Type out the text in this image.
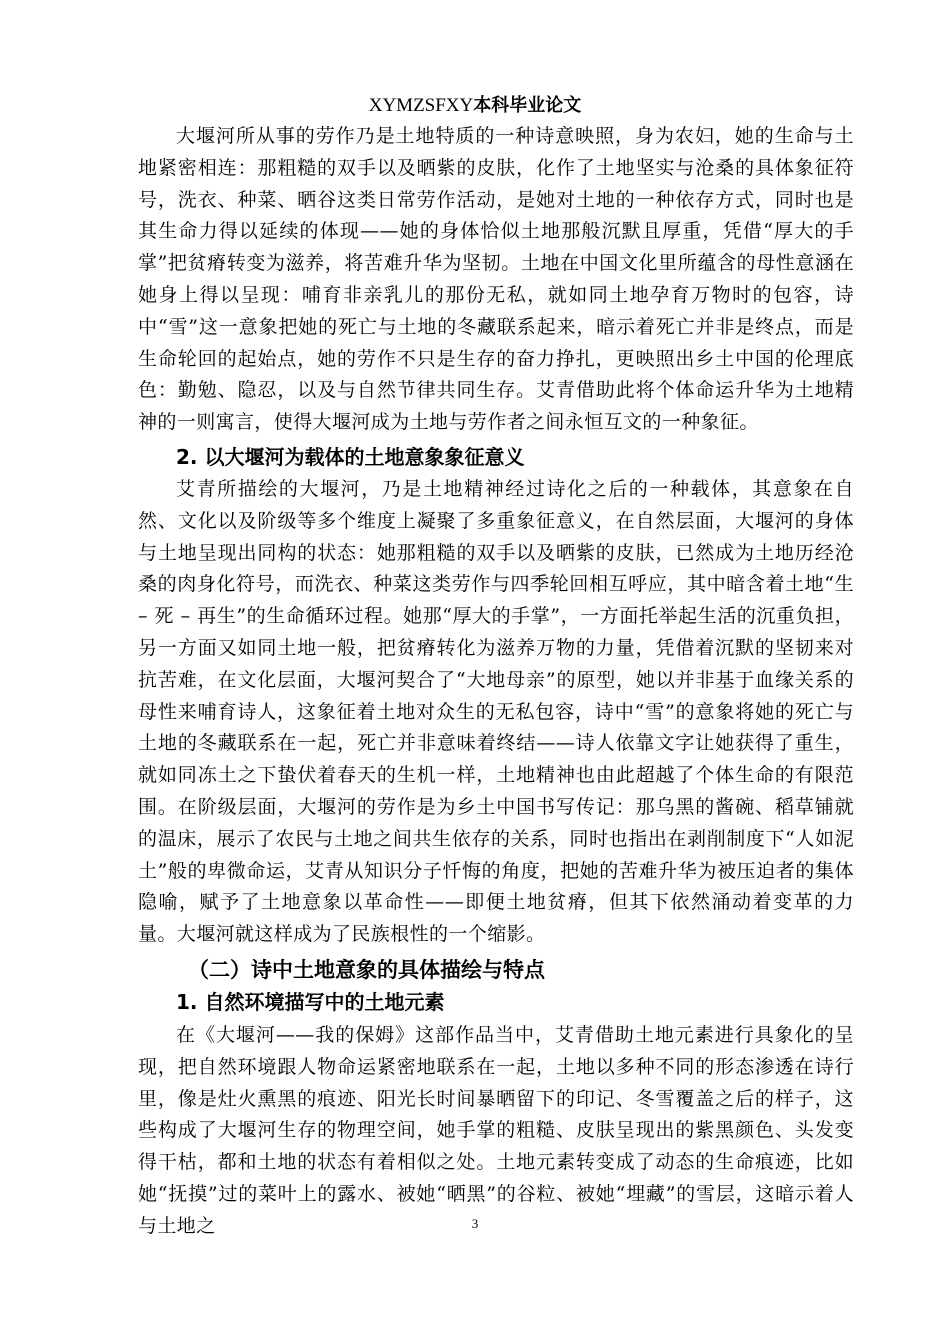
XYMZSFXY本科毕业论文

大堰河所从事的劳作乃是土地特质的一种诗意映照，身为农妇，她的生命与土地紧密相连：那粗糙的双手以及晒紫的皮肤，化作了土地坚实与沧桑的具体象征符号，洗衣、种菜、晒谷这类日常劳作活动，是她对土地的一种依存方式，同时也是其生命力得以延续的体现——她的身体恰似土地那般沉默且厚重，凭借“厚大的手掌”把贫瘠转变为滋养，将苦难升华为坚韧。土地在中国文化里所蕴含的母性意涵在她身上得以呈现：哺育非亲乳儿的那份无私，就如同土地孕育万物时的包容，诗中“雪”这一意象把她的死亡与土地的冬藏联系起来，暗示着死亡并非是终点，而是生命轮回的起始点，她的劳作不只是生存的奋力挣扎，更映照出乡土中国的伦理底色：勤勉、隐忍，以及与自然节律共同生存。艾青借助此将个体命运升华为土地精神的一则寓言，使得大堰河成为土地与劳作者之间永恒互文的一种象征。

2. 以大堰河为载体的土地意象象征意义

艾青所描绘的大堰河，乃是土地精神经过诗化之后的一种载体，其意象在自然、文化以及阶级等多个维度上凝聚了多重象征意义，在自然层面，大堰河的身体与土地呈现出同构的状态：她那粗糙的双手以及晒紫的皮肤，已然成为土地历经沧桑的肉身化符号，而洗衣、种菜这类劳作与四季轮回相互呼应，其中暗含着土地“生 – 死 – 再生”的生命循环过程。她那“厚大的手掌”，一方面托举起生活的沉重负担，另一方面又如同土地一般，把贫瘠转化为滋养万物的力量，凭借着沉默的坚韧来对抗苦难，在文化层面，大堰河契合了“大地母亲”的原型，她以并非基于血缘关系的母性来哺育诗人，这象征着土地对众生的无私包容，诗中“雪”的意象将她的死亡与土地的冬藏联系在一起，死亡并非意味着终结——诗人依靠文字让她获得了重生，就如同冻土之下蛰伏着春天的生机一样，土地精神也由此超越了个体生命的有限范围。在阶级层面，大堰河的劳作是为乡土中国书写传记：那乌黑的酱碗、稻草铺就的温床，展示了农民与土地之间共生依存的关系，同时也指出在剥削制度下“人如泥土”般的卑微命运，艾青从知识分子忏悔的角度，把她的苦难升华为被压迫者的集体隐喻，赋予了土地意象以革命性——即便土地贫瘠，但其下依然涌动着变革的力量。大堰河就这样成为了民族根性的一个缩影。

（二）诗中土地意象的具体描绘与特点
1. 自然环境描写中的土地元素

在《大堰河——我的保姆》这部作品当中，艾青借助土地元素进行具象化的呈现，把自然环境跟人物命运紧密地联系在一起，土地以多种不同的形态渗透在诗行里，像是灶火熏黑的痕迹、阳光长时间暴晒留下的印记、冬雪覆盖之后的样子，这些构成了大堰河生存的物理空间，她手掌的粗糙、皮肤呈现出的紫黑颜色、头发变得干枯，都和土地的状态有着相似之处。土地元素转变成了动态的生命痕迹，比如她“抚摸”过的菜叶上的露水、被她“晒黑”的谷粒、被她“埋藏”的雪层，这暗示着人与土地之	3
